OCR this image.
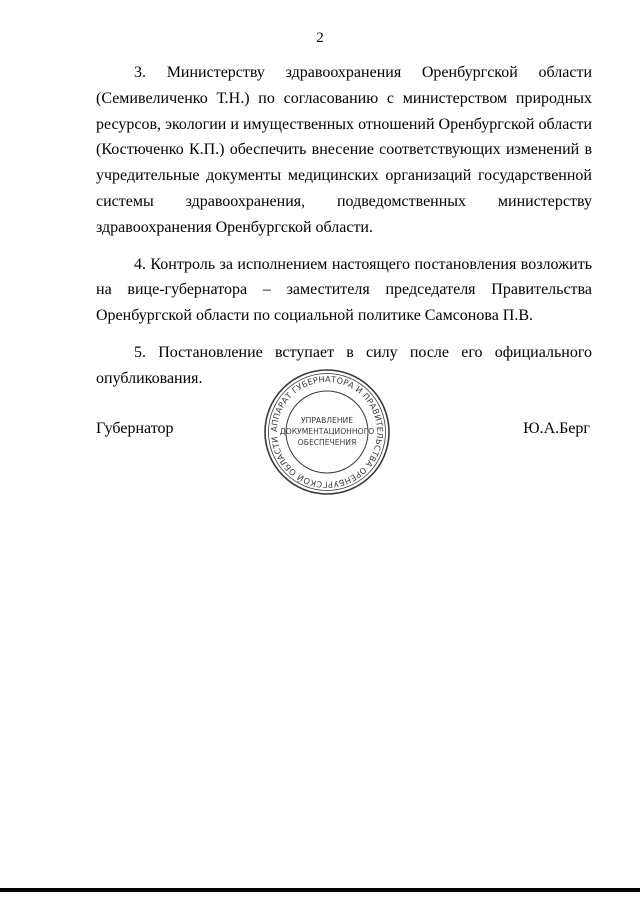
2

3. Министерству здравоохранения Оренбургской области (Семивеличенко Т.Н.) по согласованию с министерством природных ресурсов, экологии и имущественных отношений Оренбургской области (Костюченко К.П.) обеспечить внесение соответствующих изменений в учредительные документы медицинских организаций государственной системы здравоохранения, подведомственных министерству здравоохранения Оренбургской области.

4. Контроль за исполнением настоящего постановления возложить на вице-губернатора – заместителя председателя Правительства Оренбургской области по социальной политике Самсонова П.В.

5. Постановление вступает в силу после его официального опубликования.

АППАРАТ ГУБЕРНАТОРА И ПРАВИТЕЛЬСТВА ОРЕНБУРГСКОЙ ОБЛАСТИ
УПРАВЛЕНИЕ
ДОКУМЕНТАЦИОННОГО
ОБЕСПЕЧЕНИЯ
Губернатор	Ю.А.Берг
